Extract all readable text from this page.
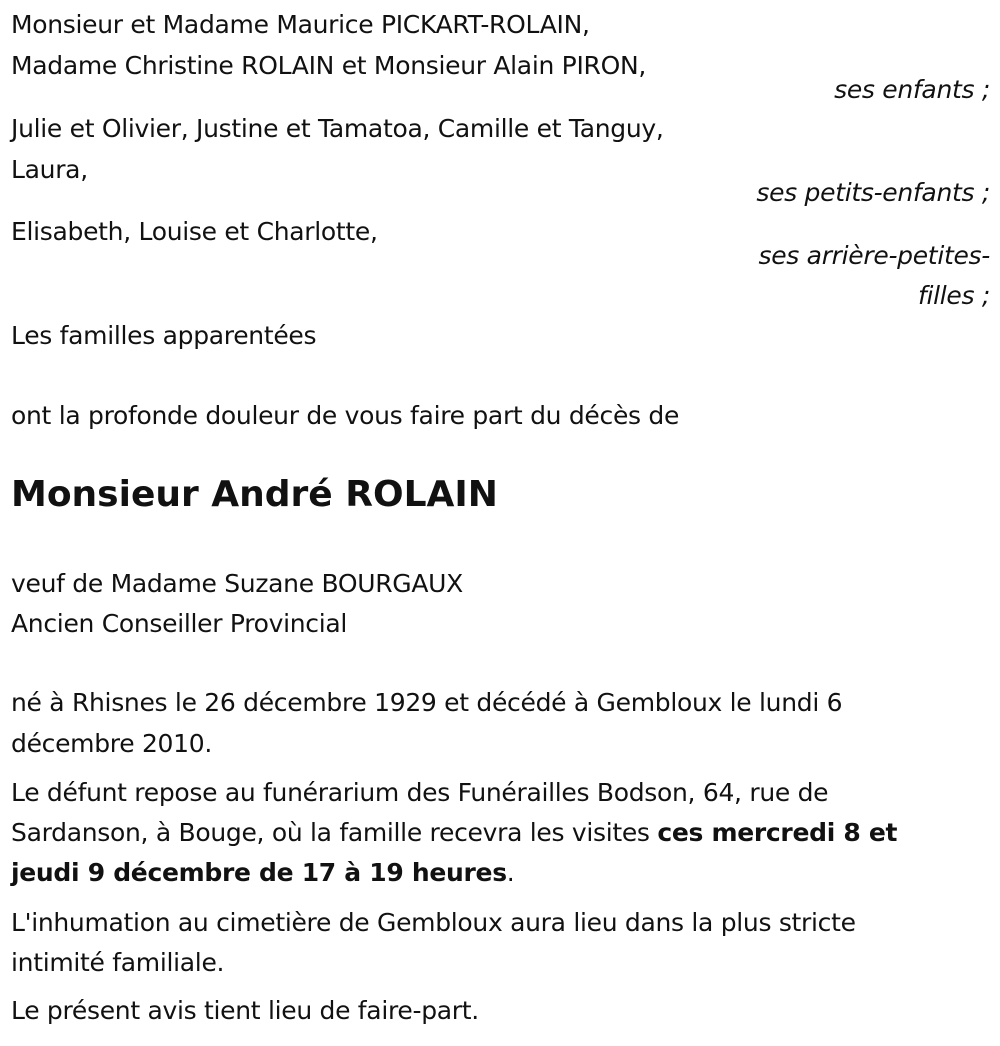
Monsieur et Madame Maurice PICKART-ROLAIN,
Madame Christine ROLAIN et Monsieur Alain PIRON,
ses enfants ;
Julie et Olivier, Justine et Tamatoa, Camille et Tanguy,
Laura,
ses petits-enfants ;
Elisabeth, Louise et Charlotte,
ses arrière-petites-
filles ;
Les familles apparentées
ont la profonde douleur de vous faire part du décès de
Monsieur André ROLAIN
veuf de Madame Suzane BOURGAUX
Ancien Conseiller Provincial
né à Rhisnes le 26 décembre 1929 et décédé à Gembloux le lundi 6
décembre 2010.
Le défunt repose au funérarium des Funérailles Bodson, 64, rue de
Sardanson, à Bouge, où la famille recevra les visites ces mercredi 8 et
jeudi 9 décembre de 17 à 19 heures.
L'inhumation au cimetière de Gembloux aura lieu dans la plus stricte
intimité familiale.
Le présent avis tient lieu de faire-part.
